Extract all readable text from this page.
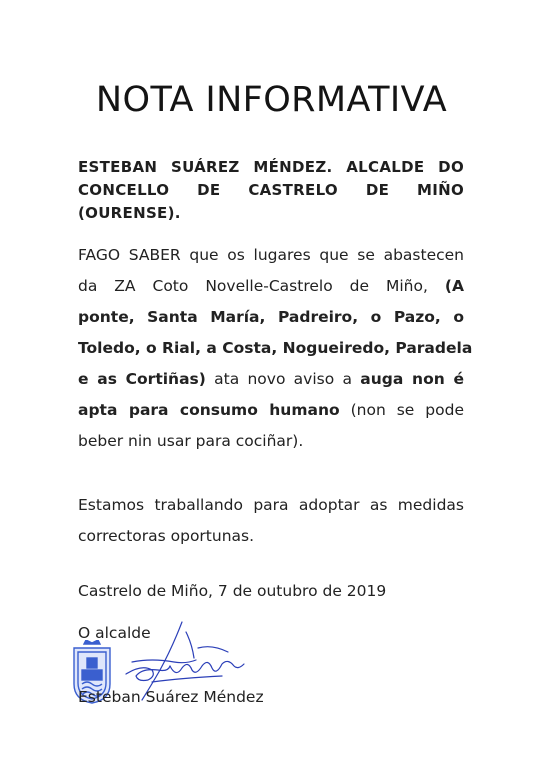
NOTA INFORMATIVA
ESTEBAN SUÁREZ MÉNDEZ. ALCALDE DO
CONCELLO DE CASTRELO DE MIÑO
(OURENSE).
FAGO SABER que os lugares que se abastecen
da ZA Coto Novelle-Castrelo de Miño, (A
ponte, Santa María, Padreiro, o Pazo, o
Toledo, o Rial, a Costa, Nogueiredo, Paradela
e as Cortiñas) ata novo aviso a auga non é
apta para consumo humano (non se pode
beber nin usar para cociñar).
Estamos traballando para adoptar as medidas
correctoras oportunas.
Castrelo de Miño, 7 de outubro de 2019
O alcalde
Esteban Suárez Méndez
